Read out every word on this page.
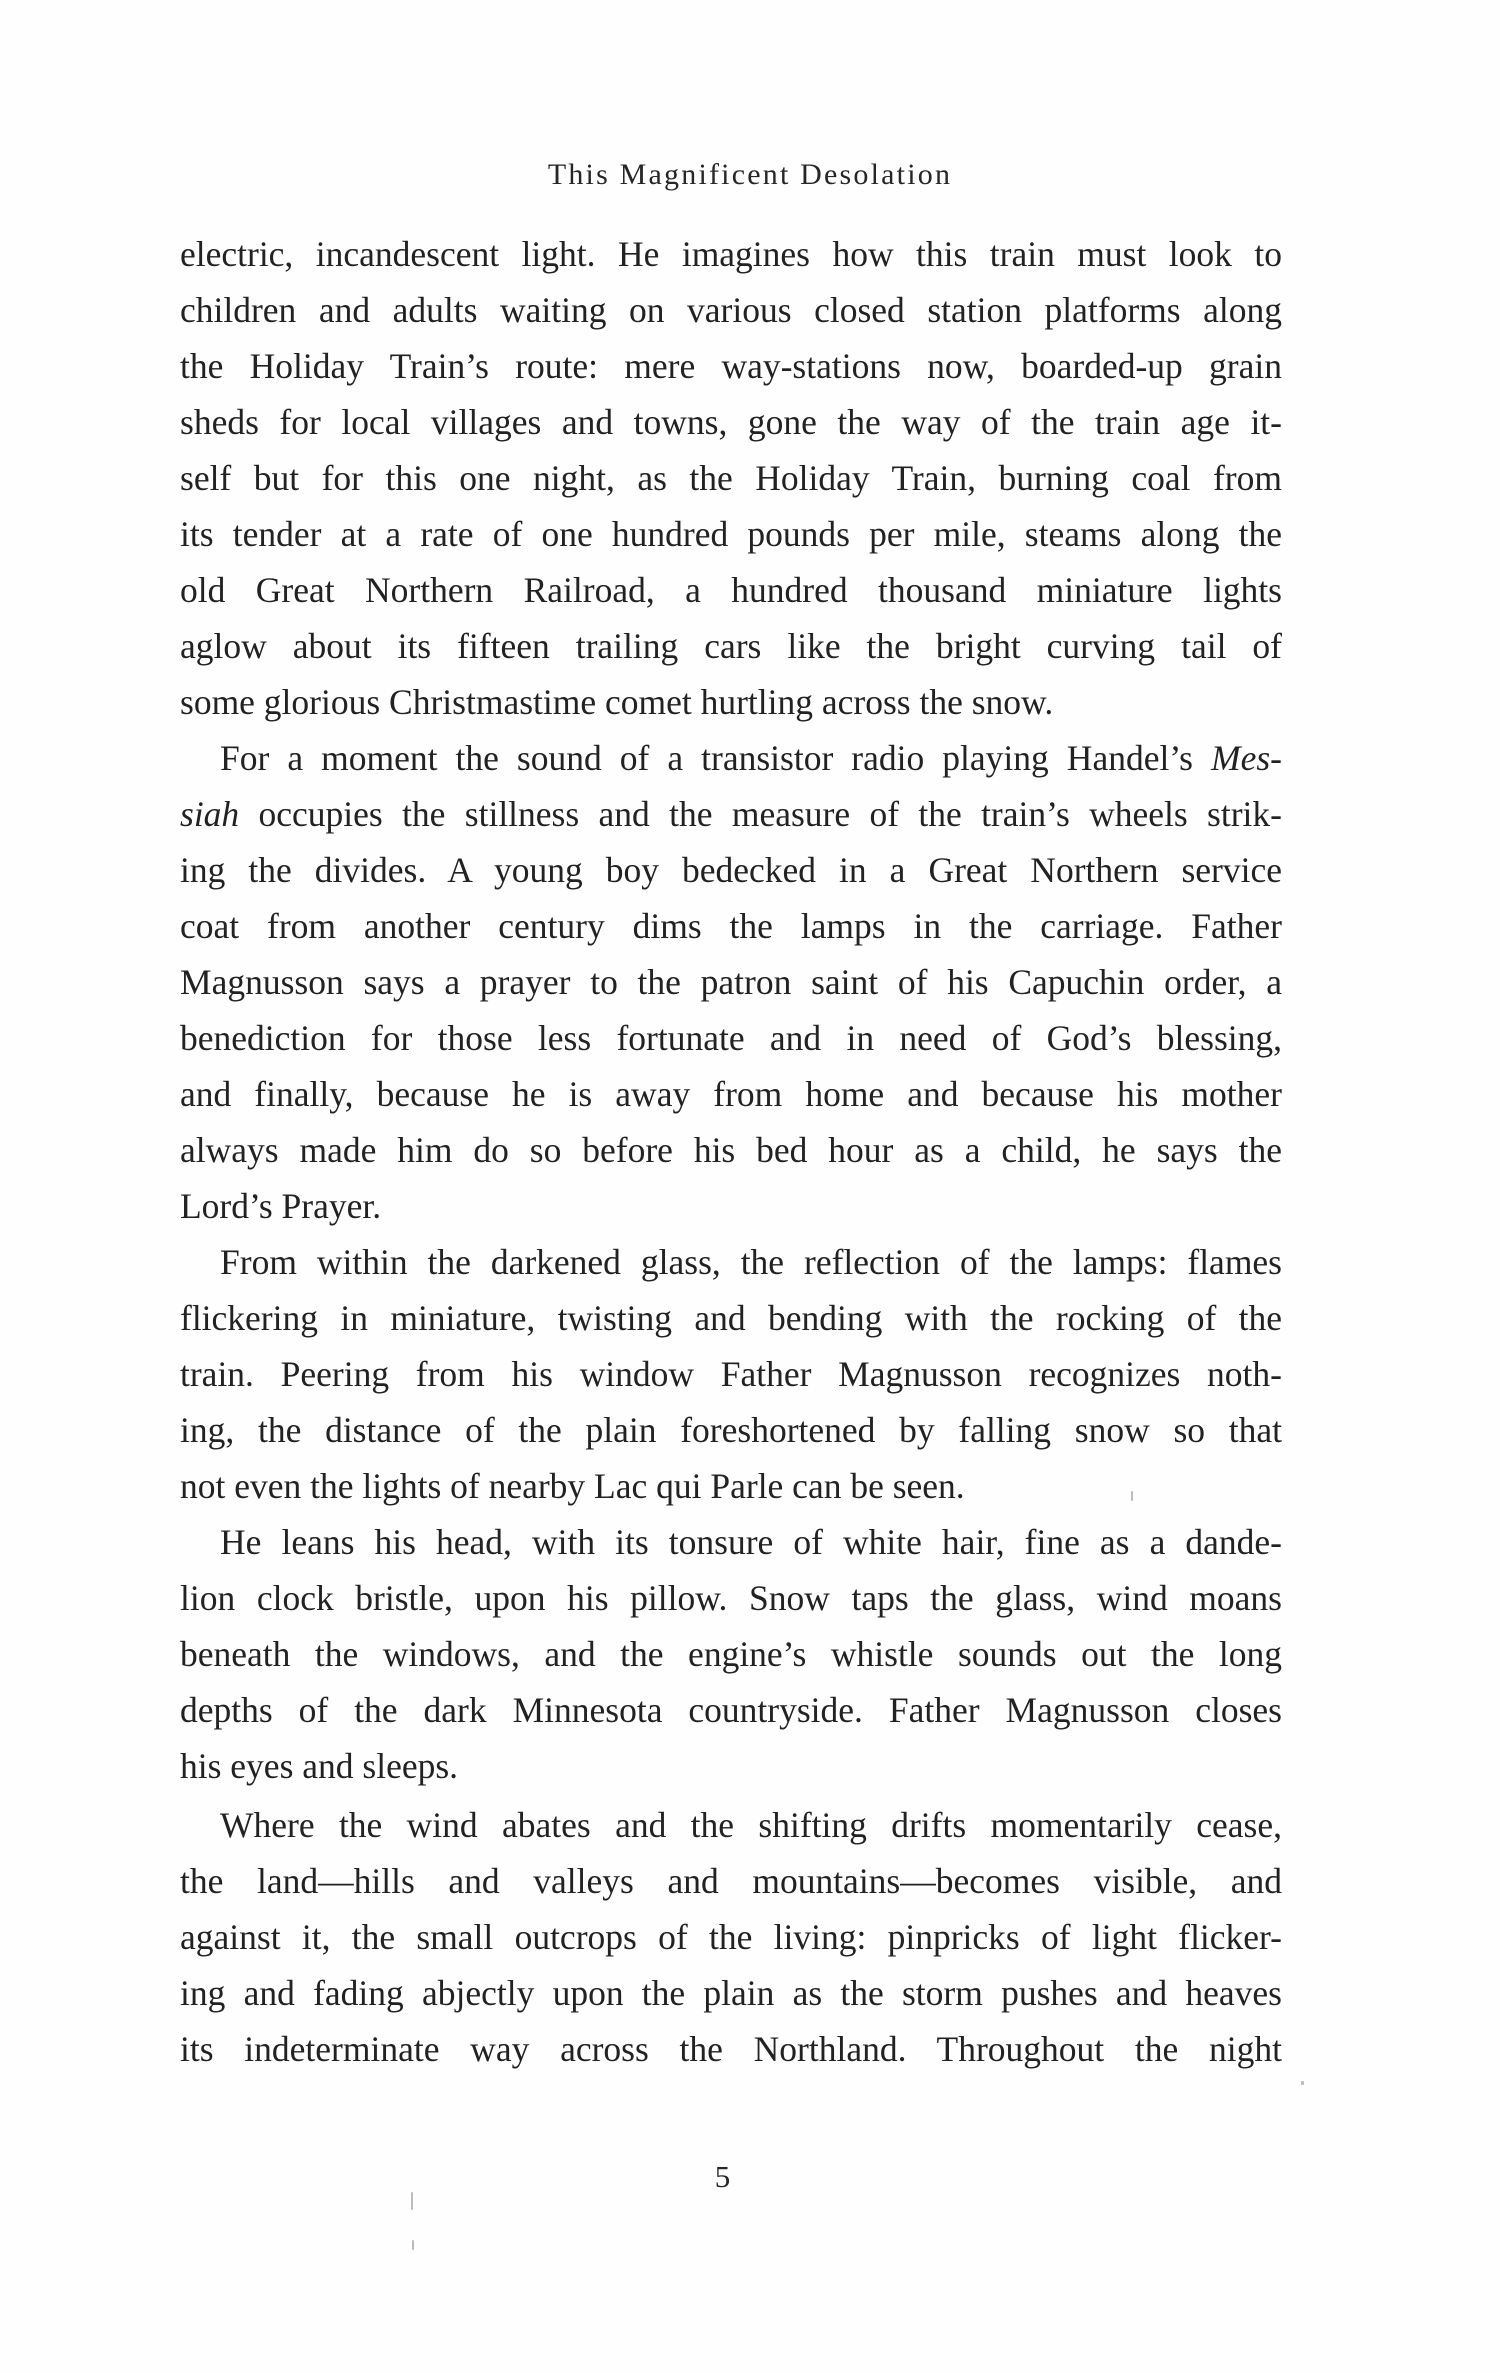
This Magnificent Desolation
electric, incandescent light. He imagines how this train must look to
children and adults waiting on various closed station platforms along
the Holiday Train’s route: mere way-stations now, boarded-up grain
sheds for local villages and towns, gone the way of the train age it-
self but for this one night, as the Holiday Train, burning coal from
its tender at a rate of one hundred pounds per mile, steams along the
old Great Northern Railroad, a hundred thousand miniature lights
aglow about its fifteen trailing cars like the bright curving tail of
some glorious Christmastime comet hurtling across the snow.
For a moment the sound of a transistor radio playing Handel’s Mes-
siah occupies the stillness and the measure of the train’s wheels strik-
ing the divides. A young boy bedecked in a Great Northern service
coat from another century dims the lamps in the carriage. Father
Magnusson says a prayer to the patron saint of his Capuchin order, a
benediction for those less fortunate and in need of God’s blessing,
and finally, because he is away from home and because his mother
always made him do so before his bed hour as a child, he says the
Lord’s Prayer.
From within the darkened glass, the reflection of the lamps: flames
flickering in miniature, twisting and bending with the rocking of the
train. Peering from his window Father Magnusson recognizes noth-
ing, the distance of the plain foreshortened by falling snow so that
not even the lights of nearby Lac qui Parle can be seen.
He leans his head, with its tonsure of white hair, fine as a dande-
lion clock bristle, upon his pillow. Snow taps the glass, wind moans
beneath the windows, and the engine’s whistle sounds out the long
depths of the dark Minnesota countryside. Father Magnusson closes
his eyes and sleeps.
Where the wind abates and the shifting drifts momentarily cease,
the land—hills and valleys and mountains—becomes visible, and
against it, the small outcrops of the living: pinpricks of light flicker-
ing and fading abjectly upon the plain as the storm pushes and heaves
its indeterminate way across the Northland. Throughout the night
5
